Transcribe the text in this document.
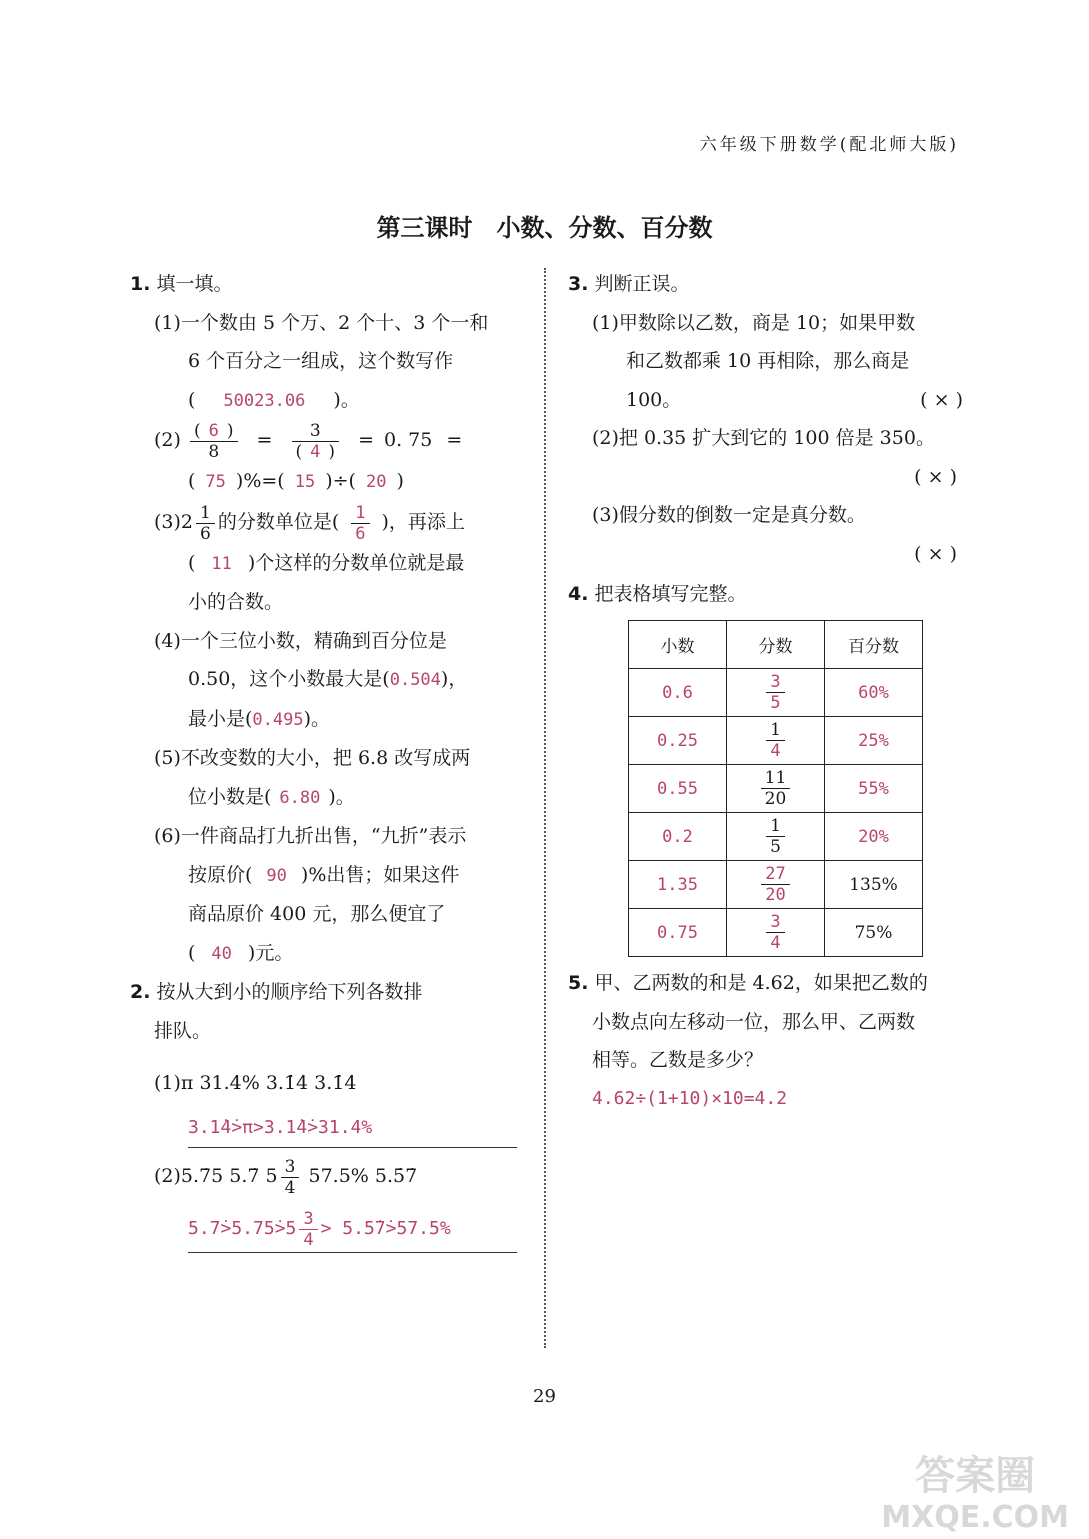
六年级下册数学(配北师大版)
第三课时　小数、分数、百分数
1. 填一填。
(1)一个数由 5 个万、2 个十、3 个一和
6 个百分之一组成，这个数写作
( 50023.06 )。
$(2) \frac{( 6 )}{8} = \frac{3}{( 4 )} = 0$. 75 =
( 75 )%=( 15 )÷( 20 )
$(3)2 \frac{1}{6}$ 的分数单位是( $\frac{1}{6}$ )，再添上
( 11 )个这样的分数单位就是最
小的合数。
(4)一个三位小数，精确到百分位是
0.50，这个小数最大是(0.504)，
最小是(0.495)。
(5)不改变数的大小，把 6.8 改写成两
位小数是( 6.80 )。
(6)一件商品打九折出售，“九折”表示
按原价( 90 )%出售；如果这件
商品原价 400 元，那么便宜了
( 40 )元。
2. 按从大到小的顺序给下列各数排
排队。
(1)π 31.4% 3.1̇4̇ 3.1̇4̇
3.1̇4̇>π>3.1̇4̇>31.4%
(2)5.7̇5 5.7̇ $5 \frac{3}{4} 57.5\%$ 5.5̇7̇
5.7̇>5.75̇>5 $\frac{3}{4}$ > 5.5̇7̇>57.5%
3. 判断正误。
(1)甲数除以乙数，商是 10；如果甲数
和乙数都乘 10 再相除，那么商是
100。	( × )
(2)把 0.35 扩大到它的 100 倍是 350。
( × )
(3)假分数的倒数一定是真分数。
( × )
4. 把表格填写完整。
小数	分数	百分数
0.6	$\frac{3}{5}$	60%
0.25	$\frac{1}{4}$	25%
0.55	$\frac{11}{20}$	55%
0.2	$\frac{1}{5}$	20%
1.35	$\frac{27}{20}$	135%
0.75	$\frac{3}{4}$	75%
5. 甲、乙两数的和是 4.62，如果把乙数的
小数点向左移动一位，那么甲、乙两数
相等。乙数是多少？
4.62÷(1+10)×10=4.2
29
答案圈
MXQE.COM
